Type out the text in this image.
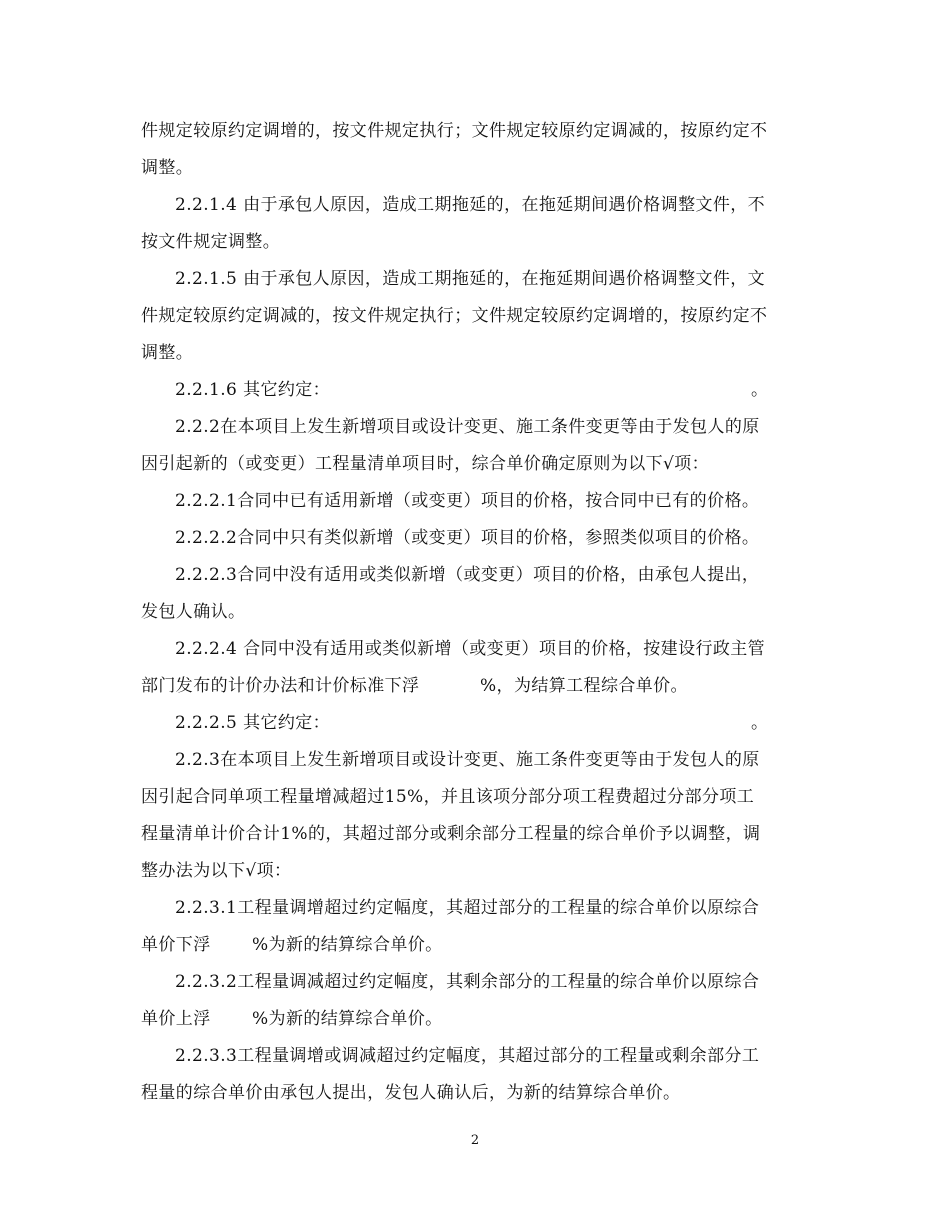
件规定较原约定调增的，按文件规定执行；文件规定较原约定调减的，按原约定不
调整。
2.2.1.4 由于承包人原因，造成工期拖延的，在拖延期间遇价格调整文件，不
按文件规定调整。
2.2.1.5 由于承包人原因，造成工期拖延的，在拖延期间遇价格调整文件，文
件规定较原约定调减的，按文件规定执行；文件规定较原约定调增的，按原约定不
调整。
2.2.1.6 其它约定：	。
2.2.2在本项目上发生新增项目或设计变更、施工条件变更等由于发包人的原
因引起新的（或变更）工程量清单项目时，综合单价确定原则为以下√项：
2.2.2.1合同中已有适用新增（或变更）项目的价格，按合同中已有的价格。
2.2.2.2合同中只有类似新增（或变更）项目的价格，参照类似项目的价格。
2.2.2.3合同中没有适用或类似新增（或变更）项目的价格，由承包人提出，
发包人确认。
2.2.2.4 合同中没有适用或类似新增（或变更）项目的价格，按建设行政主管
部门发布的计价办法和计价标准下浮	%，为结算工程综合单价。
2.2.2.5 其它约定：	。
2.2.3在本项目上发生新增项目或设计变更、施工条件变更等由于发包人的原
因引起合同单项工程量增减超过15%，并且该项分部分项工程费超过分部分项工
程量清单计价合计1%的，其超过部分或剩余部分工程量的综合单价予以调整，调
整办法为以下√项：
2.2.3.1工程量调增超过约定幅度，其超过部分的工程量的综合单价以原综合
单价下浮 %为新的结算综合单价。
2.2.3.2工程量调减超过约定幅度，其剩余部分的工程量的综合单价以原综合
单价上浮 %为新的结算综合单价。
2.2.3.3工程量调增或调减超过约定幅度，其超过部分的工程量或剩余部分工
程量的综合单价由承包人提出，发包人确认后，为新的结算综合单价。
2
